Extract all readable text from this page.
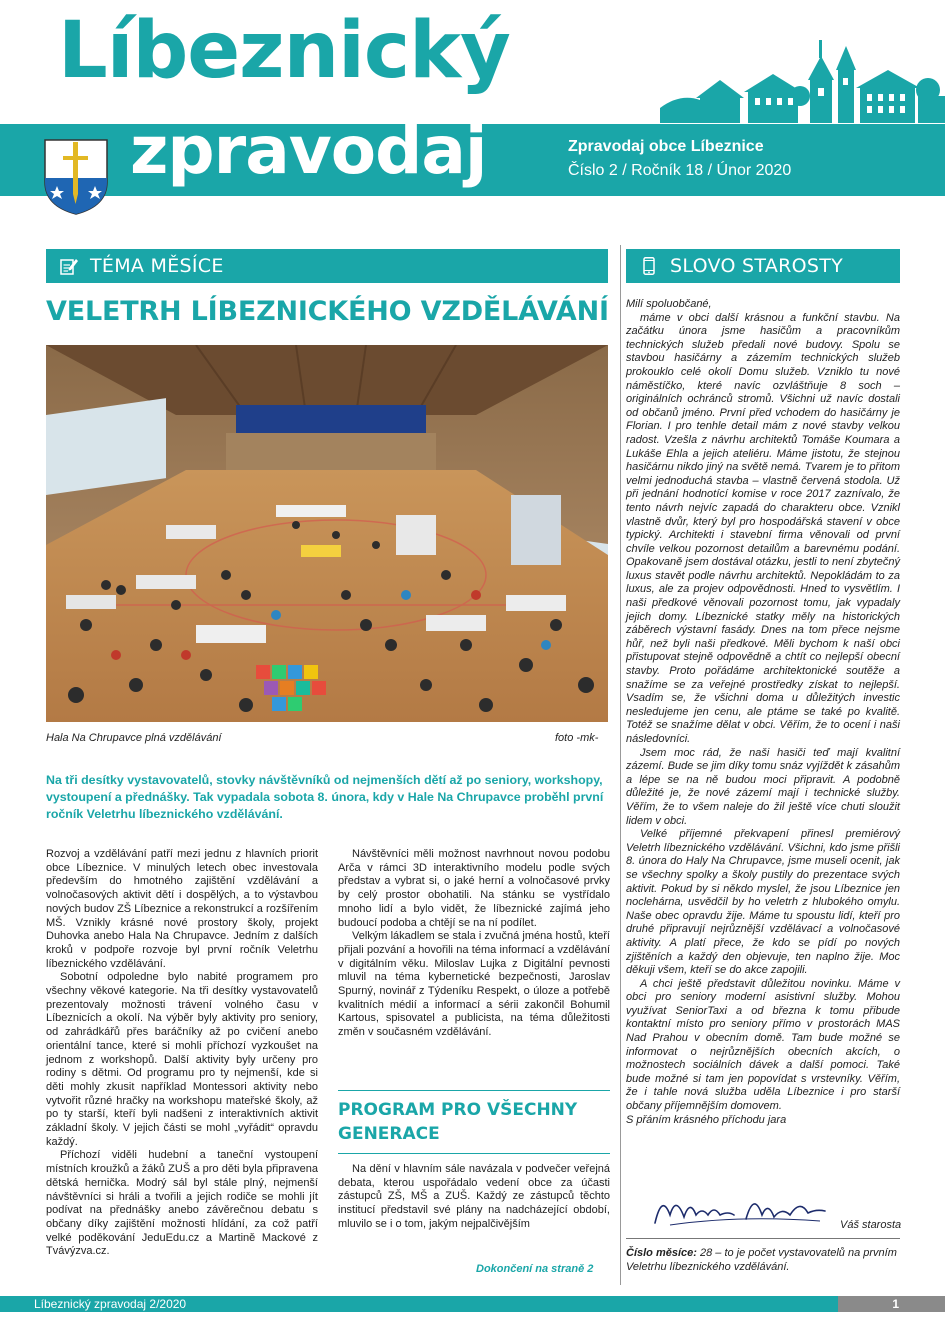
Líbeznický
zpravodaj	Zpravodaj obce Líbeznice
Číslo 2 / Ročník 18 / Únor 2020
TÉMA MĚSÍCE	SLOVO STAROSTY
VELETRH LÍBEZNICKÉHO VZDĚLÁVÁNÍ
Hala Na Chrupavce plná vzdělávání	foto -mk-
Na tři desítky vystavovatelů, stovky návštěvníků od nejmenších dětí až po seniory, workshopy, vystoupení a přednášky. Tak vypadala sobota 8. února, kdy v Hale Na Chrupavce proběhl první ročník Veletrhu líbeznického vzdělávání.

Rozvoj a vzdělávání patří mezi jednu z hlavních priorit obce Líbeznice. V minulých letech obec investovala především do hmotného zajištění vzdělávání a volnočasových aktivit dětí i dospělých, a to výstavbou nových budov ZŠ Líbeznice a rekonstrukcí a rozšířením MŠ. Vznikly krásné nové prostory školy, projekt Duhovka anebo Hala Na Chrupavce. Jedním z dalších kroků v podpoře rozvoje byl první ročník Veletrhu líbeznického vzdělávání.

Sobotní odpoledne bylo nabité programem pro všechny věkové kategorie. Na tři desítky vystavovatelů prezentovaly možnosti trávení volného času v Líbeznicích a okolí. Na výběr byly aktivity pro seniory, od zahrádkářů přes baráčníky až po cvičení anebo orientální tance, které si mohli příchozí vyzkoušet na jednom z workshopů. Další aktivity byly určeny pro rodiny s dětmi. Od programu pro ty nejmenší, kde si děti mohly zkusit například Montessori aktivity nebo vytvořit různé hračky na workshopu mateřské školy, až po ty starší, kteří byli nadšeni z interaktivních aktivit základní školy. V jejich části se mohl „vyřádit“ opravdu každý.

Příchozí viděli hudební a taneční vystoupení místních kroužků a žáků ZUŠ a pro děti byla připravena dětská hernička. Modrý sál byl stále plný, nejmenší návštěvníci si hráli a tvořili a jejich rodiče se mohli jít podívat na přednášky anebo závěrečnou debatu s občany díky zajištění možnosti hlídání, za což patří velké poděkování JeduEdu.cz a Martině Mackové z Tvávýzva.cz.

Návštěvníci měli možnost navrhnout novou podobu Arča v rámci 3D interaktivního modelu podle svých představ a vybrat si, o jaké herní a volnočasové prvky by celý prostor obohatili. Na stánku se vystřídalo mnoho lidí a bylo vidět, že líbeznické zajímá jeho budoucí podoba a chtějí se na ní podílet.

Velkým lákadlem se stala i zvučná jména hostů, kteří přijali pozvání a hovořili na téma informací a vzdělávání v digitálním věku. Miloslav Lujka z Digitální pevnosti mluvil na téma kybernetické bezpečnosti, Jaroslav Spurný, novinář z Týdeníku Respekt, o úloze a potřebě kvalitních médií a informací a sérii zakončil Bohumil Kartous, spisovatel a publicista, na téma důležitosti změn v současném vzdělávání.

PROGRAM PRO VŠECHNY GENERACE

Na dění v hlavním sále navázala v podvečer veřejná debata, kterou uspořádalo vedení obce za účasti zástupců ZŠ, MŠ a ZUŠ. Každý ze zástupců těchto institucí představil své plány na nadcházející období, mluvilo se i o tom, jakým nejpalčivějším

Dokončení na straně 2

Milí spoluobčané,

máme v obci další krásnou a funkční stavbu. Na začátku února jsme hasičům a pracovníkům technických služeb předali nové budovy. Spolu se stavbou hasičárny a zázemím technických služeb prokouklo celé okolí Domu služeb. Vzniklo tu nové náměstíčko, které navíc ozvláštňuje 8 soch – originálních ochránců stromů. Všichni už navíc dostali od občanů jméno. První před vchodem do hasičárny je Florian. I pro tenhle detail mám z nové stavby velkou radost. Vzešla z návrhu architektů Tomáše Koumara a Lukáše Ehla a jejich ateliéru. Máme jistotu, že stejnou hasičárnu nikdo jiný na světě nemá. Tvarem je to přitom velmi jednoduchá stavba – vlastně červená stodola. Už při jednání hodnotící komise v roce 2017 zaznívalo, že tento návrh nejvíc zapadá do charakteru obce. Vznikl vlastně dvůr, který byl pro hospodářská stavení v obce typický. Architekti i stavební firma věnovali od první chvíle velkou pozornost detailům a barevnému podání. Opakovaně jsem dostával otázku, jestli to není zbytečný luxus stavět podle návrhu architektů. Nepokládám to za luxus, ale za projev odpovědnosti. Hned to vysvětlím. I naši předkové věnovali pozornost tomu, jak vypadaly jejich domy. Líbeznické statky měly na historických záběrech výstavní fasády. Dnes na tom přece nejsme hůř, než byli naši předkové. Měli bychom k naší obci přistupovat stejně odpovědně a chtít co nejlepší obecní stavby. Proto pořádáme architektonické soutěže a snažíme se za veřejné prostředky získat to nejlepší. Vsadím se, že všichni doma u důležitých investic nesledujeme jen cenu, ale ptáme se také po kvalitě. Totéž se snažíme dělat v obci. Věřím, že to ocení i naši následovníci.

Jsem moc rád, že naši hasiči teď mají kvalitní zázemí. Bude se jim díky tomu snáz vyjíždět k zásahům a lépe se na ně budou moci připravit. A podobně důležité je, že nové zázemí mají i technické služby. Věřím, že to všem naleje do žil ještě více chuti sloužit lidem v obci.

Velké příjemné překvapení přinesl premiérový Veletrh líbeznického vzdělávání. Všichni, kdo jsme přišli 8. února do Haly Na Chrupavce, jsme museli ocenit, jak se všechny spolky a školy pustily do prezentace svých aktivit. Pokud by si někdo myslel, že jsou Líbeznice jen noclehárna, usvědčil by ho veletrh z hlubokého omylu. Naše obec opravdu žije. Máme tu spoustu lidí, kteří pro druhé připravují nejrůznější vzdělávací a volnočasové aktivity. A platí přece, že kdo se pídí po nových zjištěních a každý den objevuje, ten naplno žije. Moc děkuji všem, kteří se do akce zapojili.

A chci ještě představit důležitou novinku. Máme v obci pro seniory moderní asistivní služby. Mohou využívat SeniorTaxi a od března k tomu přibude kontaktní místo pro seniory přímo v prostorách MAS Nad Prahou v obecním domě. Tam bude možné se informovat o nejrůznějších obecních akcích, o možnostech sociálních dávek a další pomoci. Také bude možné si tam jen popovídat s vrstevníky. Věřím, že i tahle nová služba uděla Líbeznice i pro starší občany příjemnějším domovem.

S přáním krásného příchodu jara

Váš starosta
Číslo měsíce: 28 – to je počet vystavovatelů na prvním Veletrhu líbeznického vzdělávání.
Líbeznický zpravodaj 2/2020	1
